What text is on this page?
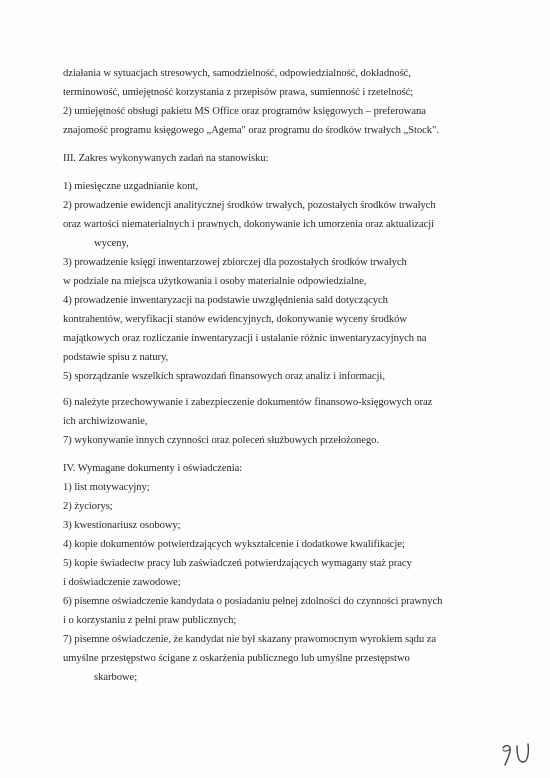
działania w sytuacjach stresowych, samodzielność, odpowiedzialność, dokładność,
terminowość, umiejętność korzystania z przepisów prawa, sumienność i rzetelność;
2) umiejętność obsługi pakietu MS Office oraz programów księgowych – preferowana
znajomość programu księgowego „Agema" oraz programu do środków trwałych „Stock".
III. Zakres wykonywanych zadań na stanowisku:
1) miesięczne uzgadnianie kont,
2) prowadzenie ewidencji analitycznej środków trwałych, pozostałych środków trwałych
oraz wartości niematerialnych i prawnych, dokonywanie ich umorzenia oraz aktualizacji
wyceny,
3) prowadzenie księgi inwentarzowej zbiorczej dla pozostałych środków trwałych
w podziale na miejsca użytkowania i osoby materialnie odpowiedzialne,
4) prowadzenie inwentaryzacji na podstawie uwzględnienia sald dotyczących
kontrahentów, weryfikacji stanów ewidencyjnych, dokonywanie wyceny środków
majątkowych oraz rozliczanie inwentaryzacji i ustalanie różnic inwentaryzacyjnych na
podstawie spisu z natury,
5) sporządzanie wszelkich sprawozdań finansowych oraz analiz i informacji,
6) należyte przechowywanie i zabezpieczenie dokumentów finansowo-księgowych oraz
ich archiwizowanie,
7) wykonywanie innych czynności oraz poleceń służbowych przełożonego.
IV. Wymagane dokumenty i oświadczenia:
1) list motywacyjny;
2) życiorys;
3) kwestionariusz osobowy;
4) kopie dokumentów potwierdzających wykształcenie i dodatkowe kwalifikacje;
5) kopie świadectw pracy lub zaświadczeń potwierdzających wymagany staż pracy
i doświadczenie zawodowe;
6) pisemne oświadczenie kandydata o posiadaniu pełnej zdolności do czynności prawnych
i o korzystaniu z pełni praw publicznych;
7) pisemne oświadczenie, że kandydat nie był skazany prawomocnym wyrokiem sądu za
umyślne przestępstwo ścigane z oskarżenia publicznego lub umyślne przestępstwo
skarbowe;
